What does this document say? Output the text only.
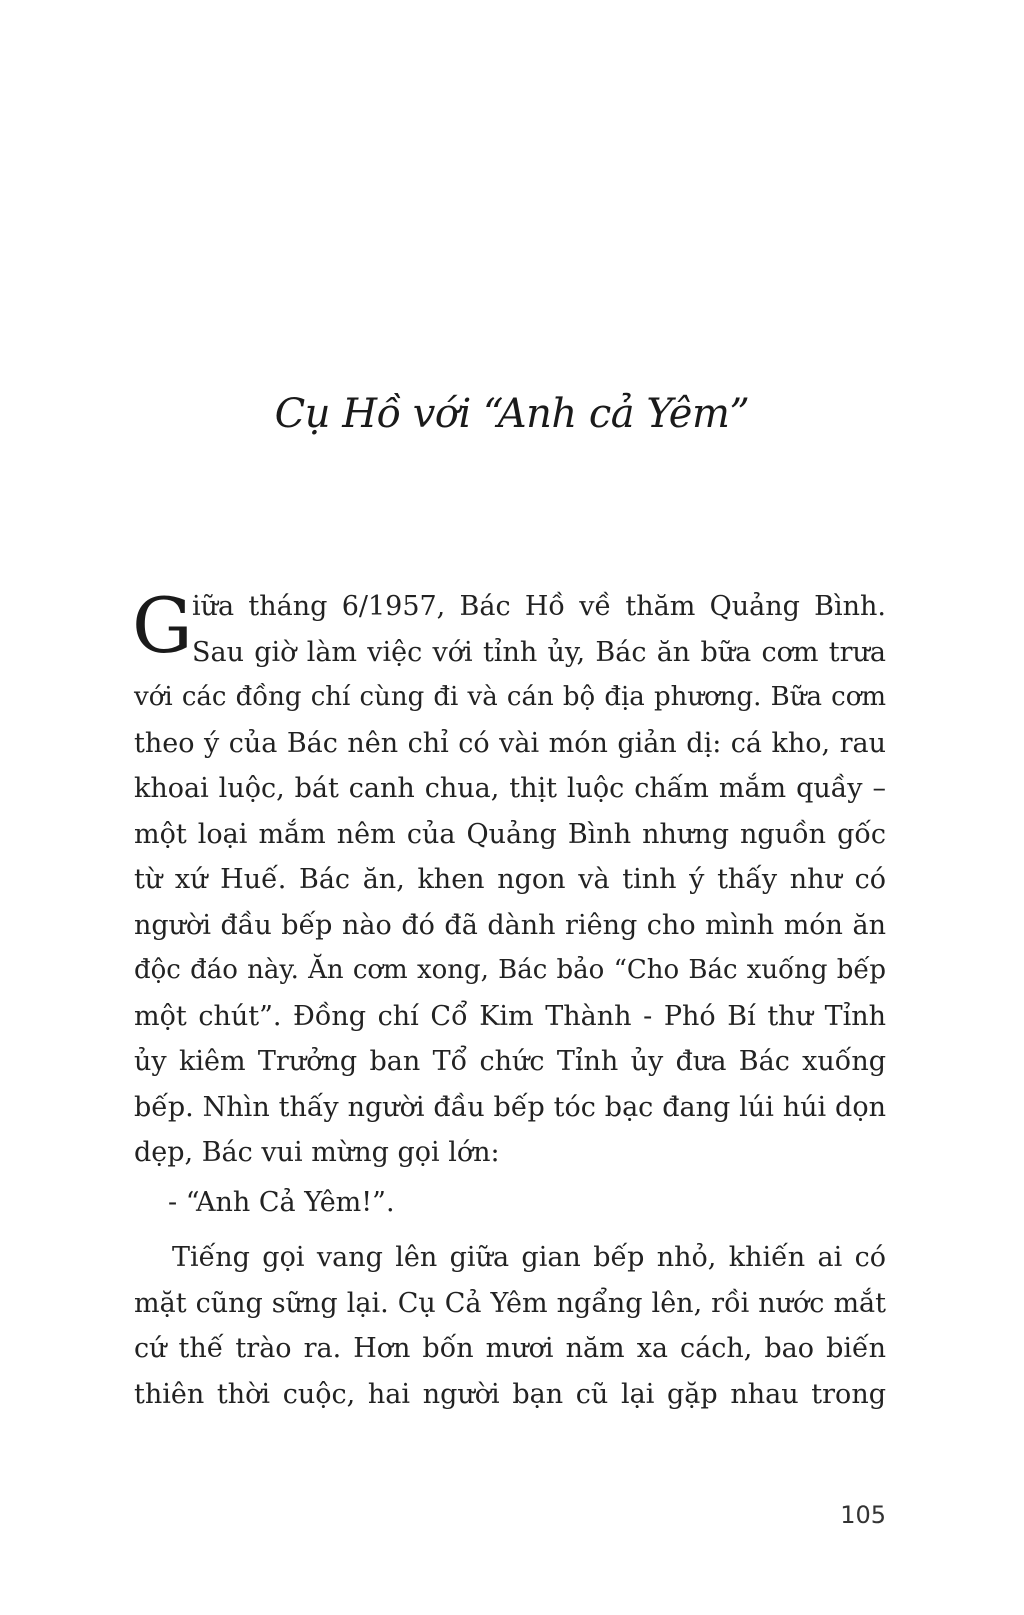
Cụ Hồ với “Anh cả Yêm”

G iữa tháng 6/1957, Bác Hồ về thăm Quảng Bình.
Sau giờ làm việc với tỉnh ủy, Bác ăn bữa cơm trưa
với các đồng chí cùng đi và cán bộ địa phương. Bữa cơm
theo ý của Bác nên chỉ có vài món giản dị: cá kho, rau
khoai luộc, bát canh chua, thịt luộc chấm mắm quầy –
một loại mắm nêm của Quảng Bình nhưng nguồn gốc
từ xứ Huế. Bác ăn, khen ngon và tinh ý thấy như có
người đầu bếp nào đó đã dành riêng cho mình món ăn
độc đáo này. Ăn cơm xong, Bác bảo “Cho Bác xuống bếp
một chút”. Đồng chí Cổ Kim Thành - Phó Bí thư Tỉnh
ủy kiêm Trưởng ban Tổ chức Tỉnh ủy đưa Bác xuống
bếp. Nhìn thấy người đầu bếp tóc bạc đang lúi húi dọn
dẹp, Bác vui mừng gọi lớn:

- “Anh Cả Yêm!”.

Tiếng gọi vang lên giữa gian bếp nhỏ, khiến ai có
mặt cũng sững lại. Cụ Cả Yêm ngẩng lên, rồi nước mắt
cứ thế trào ra. Hơn bốn mươi năm xa cách, bao biến
thiên thời cuộc, hai người bạn cũ lại gặp nhau trong

105
